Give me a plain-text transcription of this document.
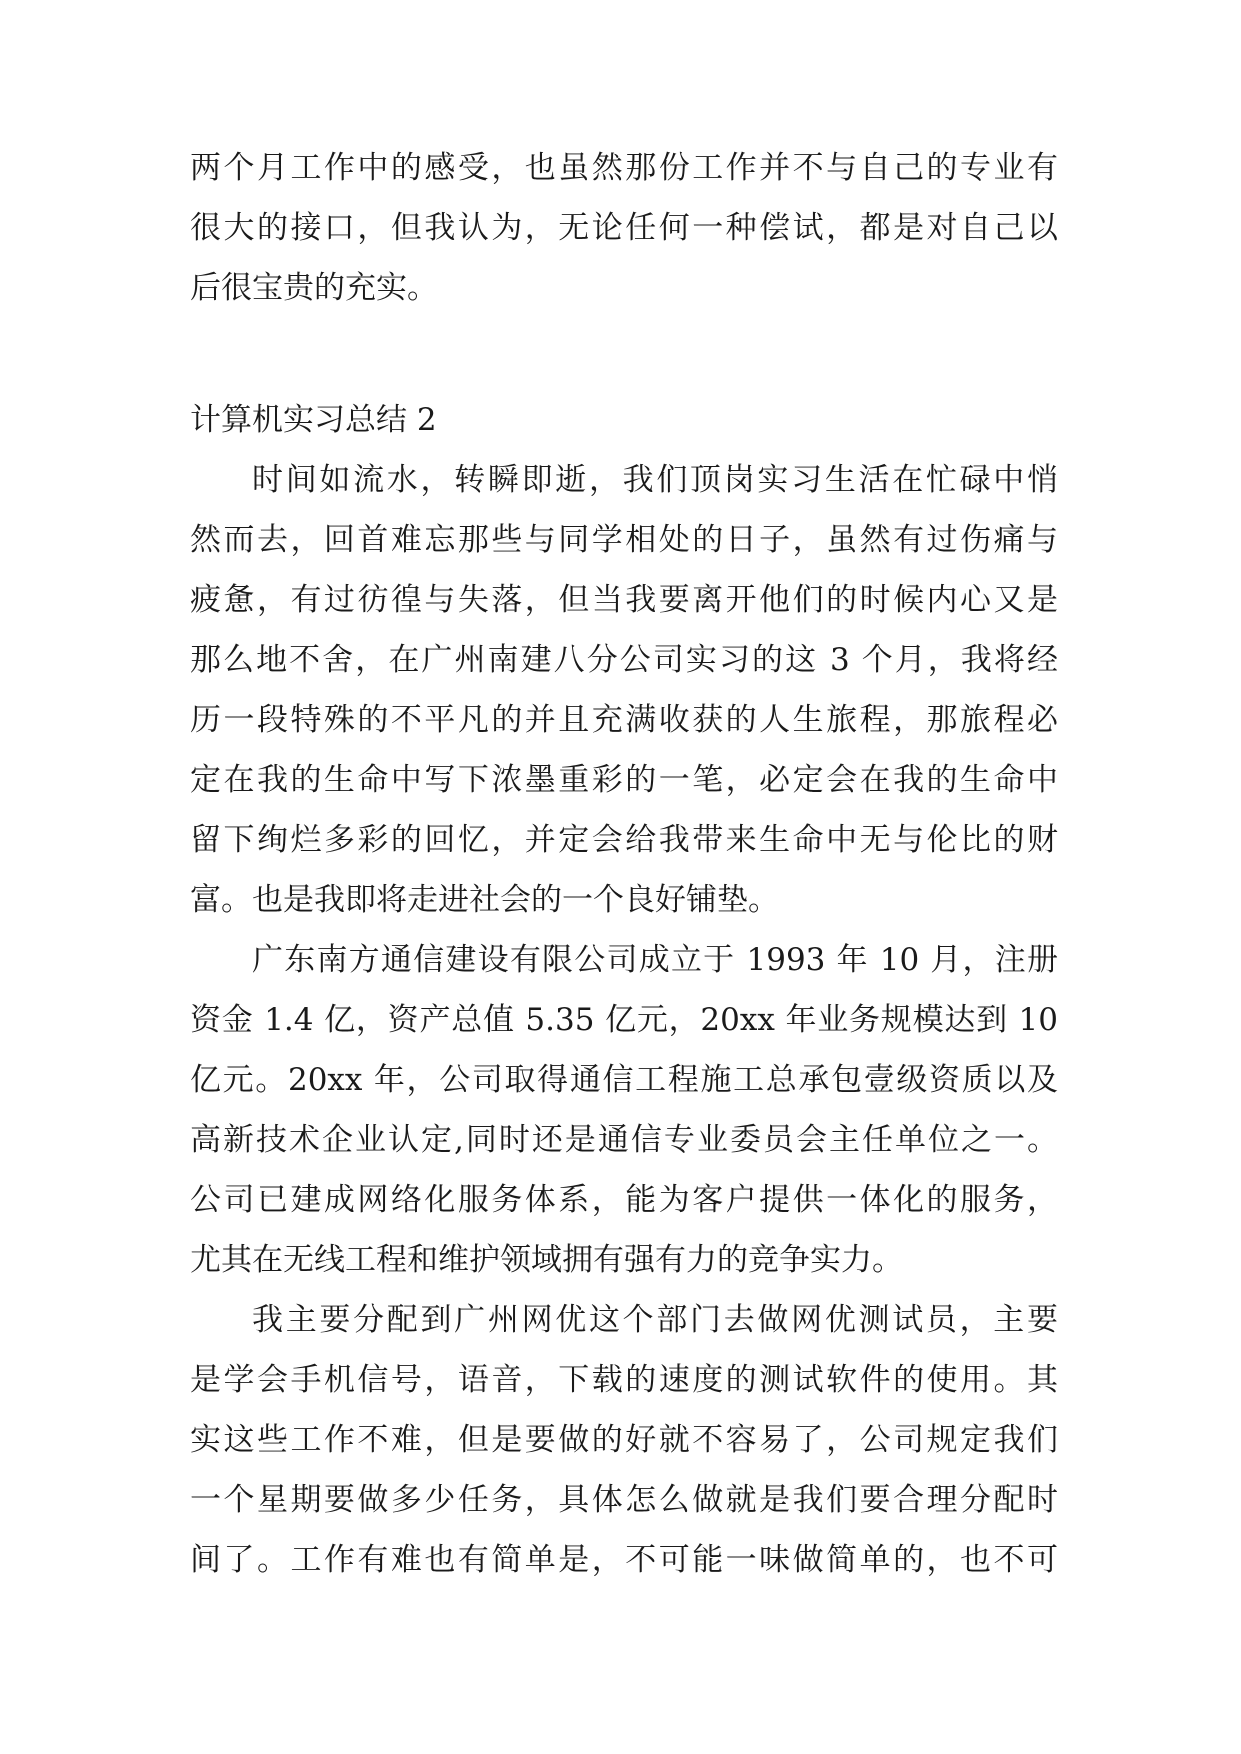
两个月工作中的感受，也虽然那份工作并不与自己的专业有
很大的接口，但我认为，无论任何一种偿试，都是对自己以
后很宝贵的充实。
计算机实习总结 2
时间如流水，转瞬即逝，我们顶岗实习生活在忙碌中悄
然而去，回首难忘那些与同学相处的日子，虽然有过伤痛与
疲惫，有过彷徨与失落，但当我要离开他们的时候内心又是
那么地不舍，在广州南建八分公司实习的这 3 个月，我将经
历一段特殊的不平凡的并且充满收获的人生旅程，那旅程必
定在我的生命中写下浓墨重彩的一笔，必定会在我的生命中
留下绚烂多彩的回忆，并定会给我带来生命中无与伦比的财
富。也是我即将走进社会的一个良好铺垫。
广东南方通信建设有限公司成立于 1993 年 10 月，注册
资金 1.4 亿，资产总值 5.35 亿元，20xx 年业务规模达到 10
亿元。20xx 年，公司取得通信工程施工总承包壹级资质以及
高新技术企业认定,同时还是通信专业委员会主任单位之一。
公司已建成网络化服务体系，能为客户提供一体化的服务，
尤其在无线工程和维护领域拥有强有力的竞争实力。
我主要分配到广州网优这个部门去做网优测试员，主要
是学会手机信号，语音，下载的速度的测试软件的使用。其
实这些工作不难，但是要做的好就不容易了，公司规定我们
一个星期要做多少任务，具体怎么做就是我们要合理分配时
间了。工作有难也有简单是，不可能一味做简单的，也不可
